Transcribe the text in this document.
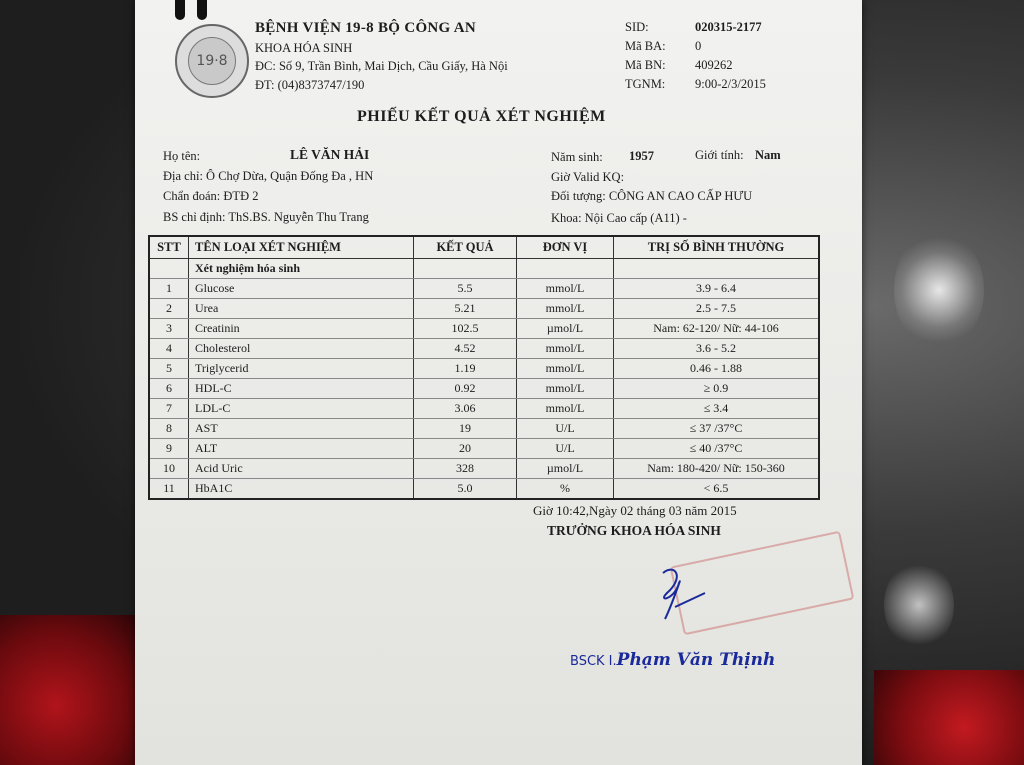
19·8
BỆNH VIỆN 19-8 BỘ CÔNG AN
KHOA HÓA SINH
ĐC: Số 9, Trần Bình, Mai Dịch, Cầu Giấy, Hà Nội
ĐT: (04)8373747/190
SID:	020315-2177
Mã BA:	0
Mã BN:	409262
TGNM:	9:00-2/3/2015
PHIẾU KẾT QUẢ XÉT NGHIỆM
Họ tên:	LÊ VĂN HẢI	Năm sinh: 1957	Giới tính: Nam
Địa chỉ: Ô Chợ Dừa, Quận Đống Đa , HN	Giờ Valid KQ:
Chẩn đoán: ĐTĐ 2	Đối tượng: CÔNG AN CAO CẤP HƯU
BS chỉ định: ThS.BS. Nguyễn Thu Trang	Khoa: Nội Cao cấp (A11) -
STT	TÊN LOẠI XÉT NGHIỆM	KẾT QUẢ	ĐƠN VỊ	TRỊ SỐ BÌNH THƯỜNG
	Xét nghiệm hóa sinh			
1	Glucose	5.5	mmol/L	3.9 - 6.4
2	Urea	5.21	mmol/L	2.5 - 7.5
3	Creatinin	102.5	µmol/L	Nam: 62-120/ Nữ: 44-106
4	Cholesterol	4.52	mmol/L	3.6 - 5.2
5	Triglycerid	1.19	mmol/L	0.46 - 1.88
6	HDL-C	0.92	mmol/L	≥ 0.9
7	LDL-C	3.06	mmol/L	≤ 3.4
8	AST	19	U/L	≤ 37 /37°C
9	ALT	20	U/L	≤ 40 /37°C
10	Acid Uric	328	µmol/L	Nam: 180-420/ Nữ: 150-360
11	HbA1C	5.0	%	< 6.5
Giờ 10:42,Ngày 02 tháng 03 năm 2015
TRƯỞNG KHOA HÓA SINH
BSCK I.Phạm Văn Thịnh
